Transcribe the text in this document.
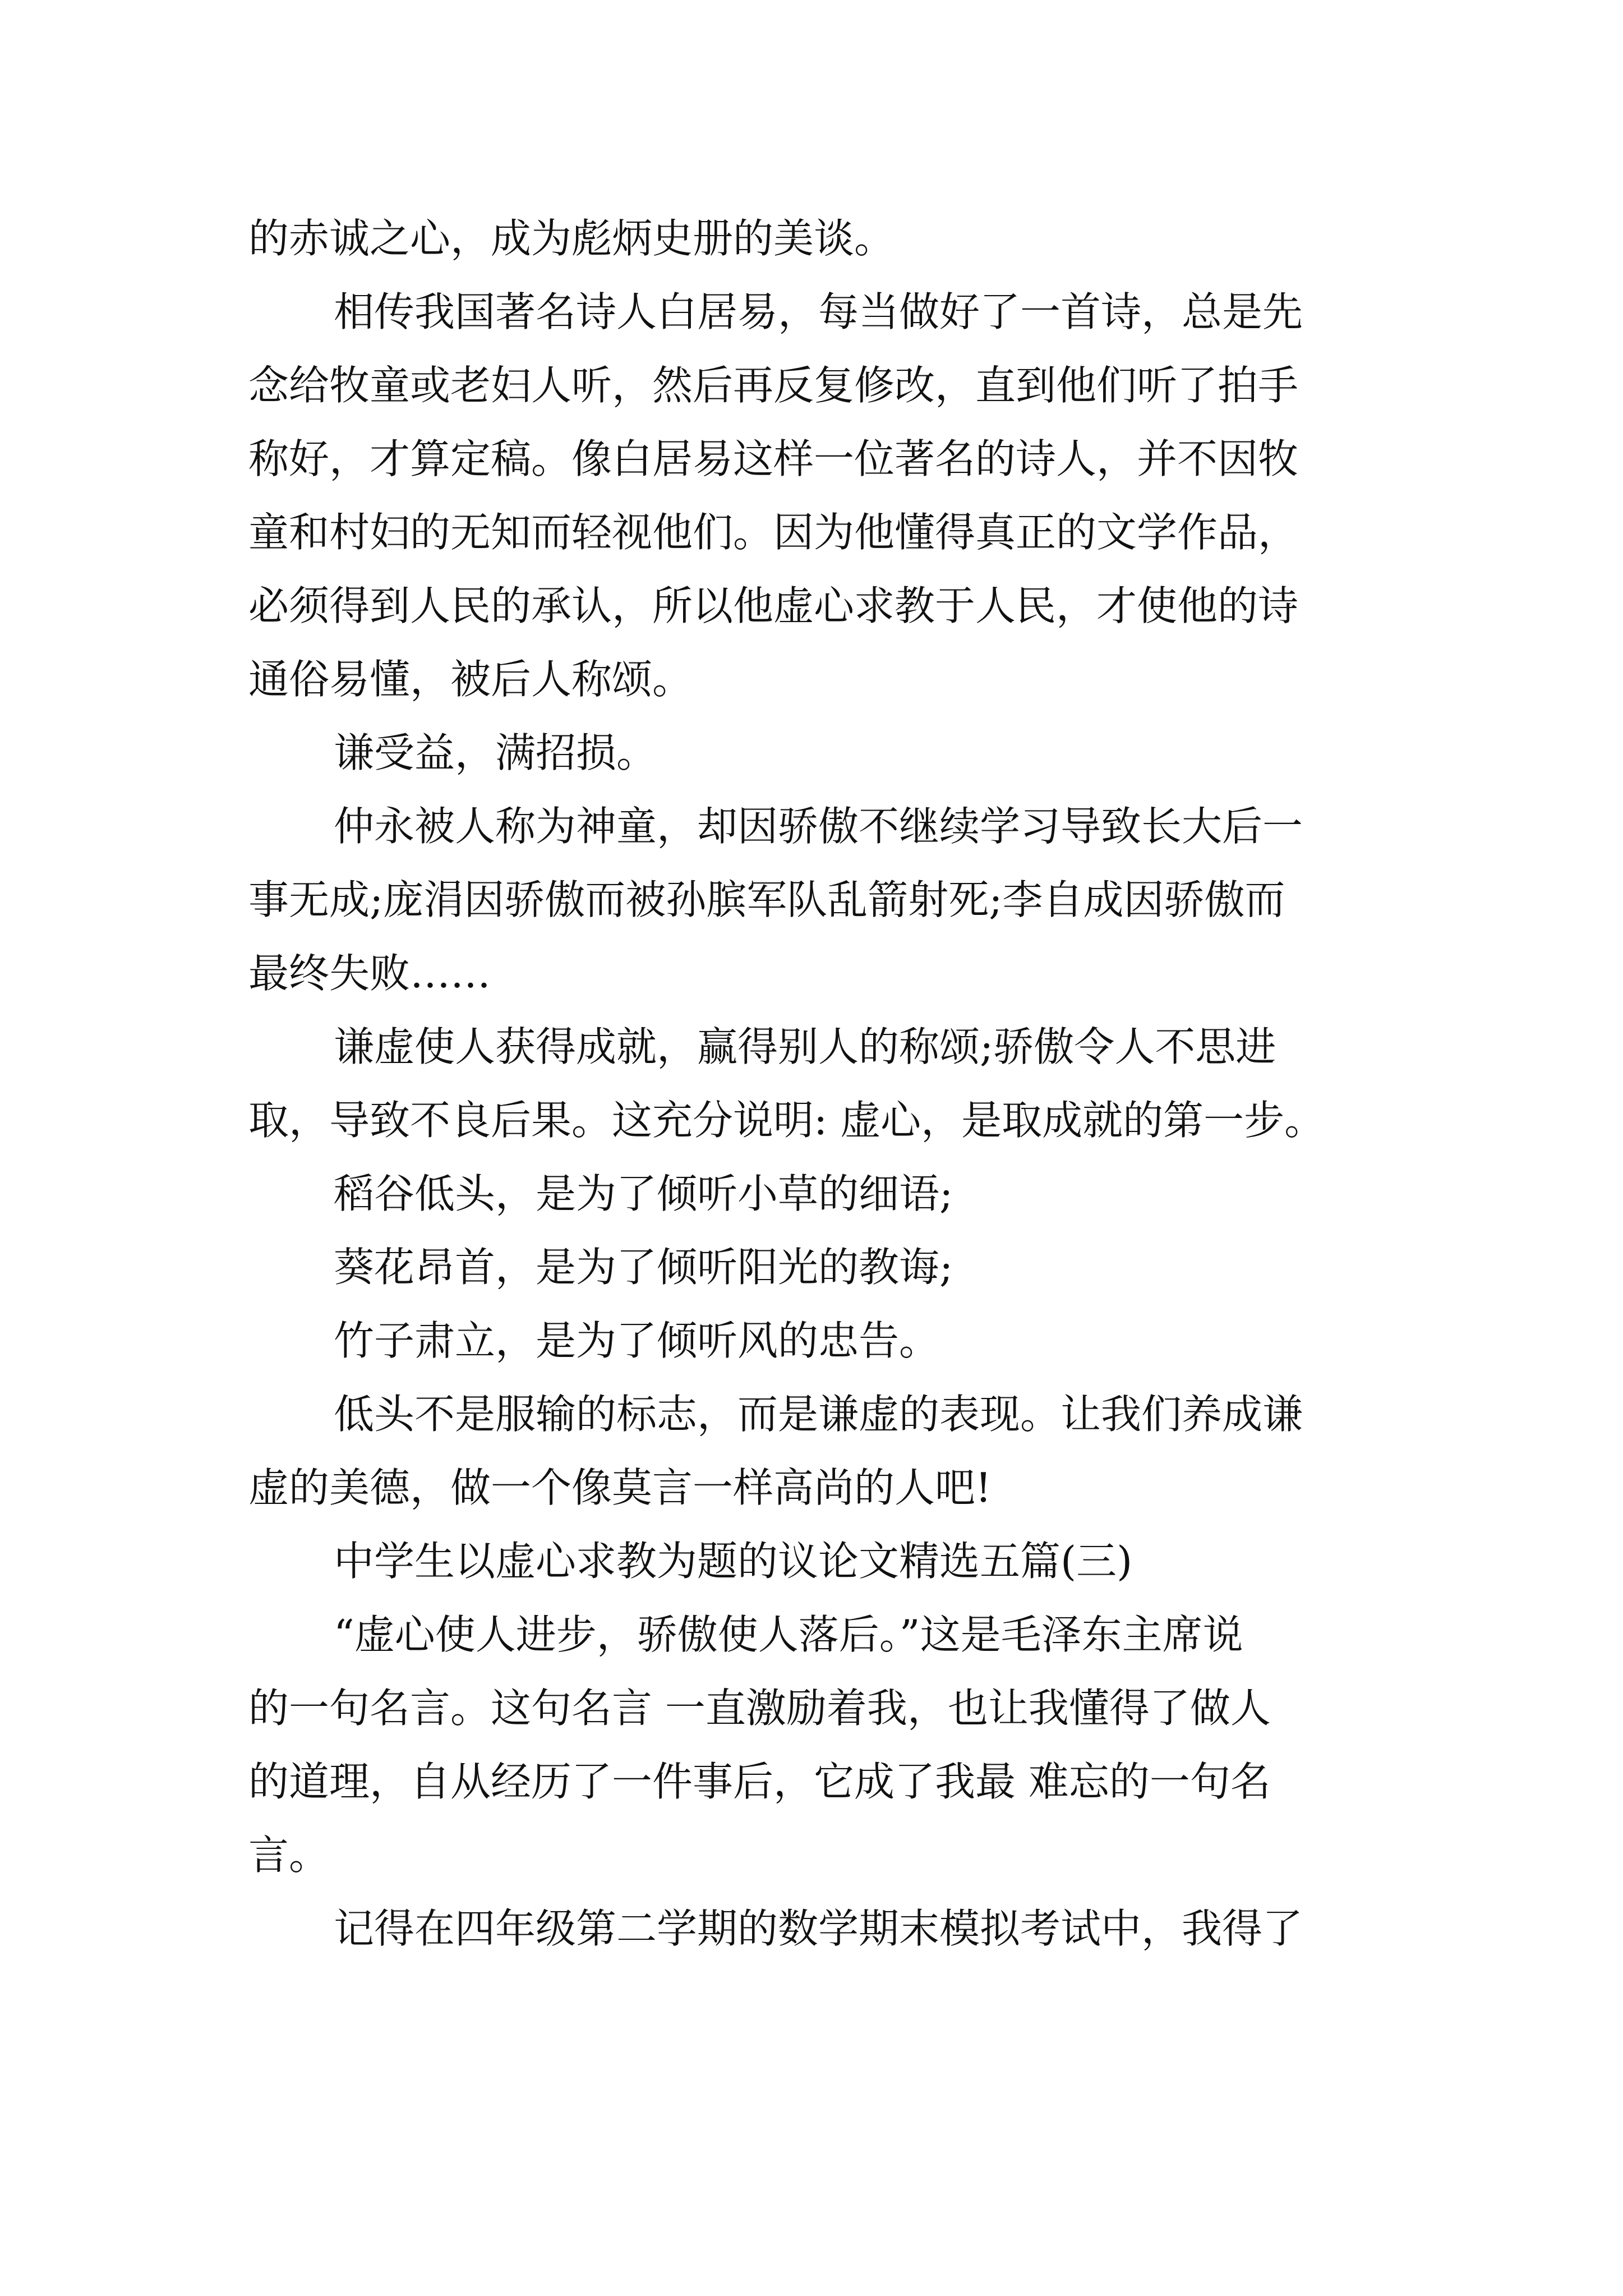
的赤诚之心，成为彪炳史册的美谈。

相传我国著名诗人白居易，每当做好了一首诗，总是先

念给牧童或老妇人听，然后再反复修改，直到他们听了拍手

称好，才算定稿。像白居易这样一位著名的诗人，并不因牧

童和村妇的无知而轻视他们。因为他懂得真正的文学作品，

必须得到人民的承认，所以他虚心求教于人民，才使他的诗

通俗易懂，被后人称颂。

谦受益，满招损。

仲永被人称为神童，却因骄傲不继续学习导致长大后一

事无成;庞涓因骄傲而被孙膑军队乱箭射死;李自成因骄傲而

最终失败……

谦虚使人获得成就，赢得别人的称颂;骄傲令人不思进

取，导致不良后果。这充分说明: 虚心，是取成就的第一步。

稻谷低头，是为了倾听小草的细语;

葵花昂首，是为了倾听阳光的教诲;

竹子肃立，是为了倾听风的忠告。

低头不是服输的标志，而是谦虚的表现。让我们养成谦

虚的美德，做一个像莫言一样高尚的人吧!

中学生以虚心求教为题的议论文精选五篇(三)

“虚心使人进步，骄傲使人落后。”这是毛泽东主席说

的一句名言。这句名言 一直激励着我，也让我懂得了做人

的道理，自从经历了一件事后，它成了我最 难忘的一句名

言。

记得在四年级第二学期的数学期末模拟考试中，我得了
